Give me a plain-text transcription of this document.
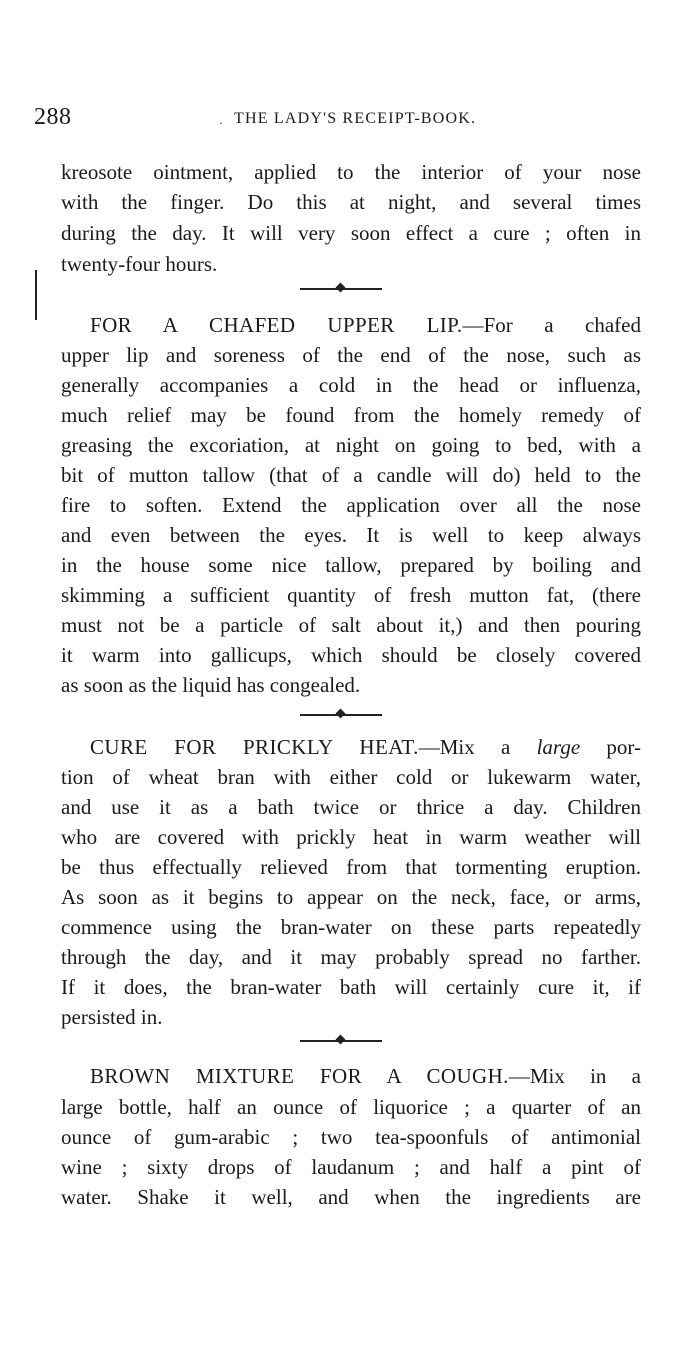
288	· THE LADY'S RECEIPT-BOOK.
kreosote ointment, applied to the interior of your nose
with the finger. Do this at night, and several times
during the day. It will very soon effect a cure ; often in
twenty-four hours.
FOR A CHAFED UPPER LIP.—For a chafed
upper lip and soreness of the end of the nose, such as
generally accompanies a cold in the head or influenza,
much relief may be found from the homely remedy of
greasing the excoriation, at night on going to bed, with a
bit of mutton tallow (that of a candle will do) held to the
fire to soften. Extend the application over all the nose
and even between the eyes. It is well to keep always
in the house some nice tallow, prepared by boiling and
skimming a sufficient quantity of fresh mutton fat, (there
must not be a particle of salt about it,) and then pouring
it warm into gallicups, which should be closely covered
as soon as the liquid has congealed.
CURE FOR PRICKLY HEAT.—Mix a large por-
tion of wheat bran with either cold or lukewarm water,
and use it as a bath twice or thrice a day. Children
who are covered with prickly heat in warm weather will
be thus effectually relieved from that tormenting eruption.
As soon as it begins to appear on the neck, face, or arms,
commence using the bran-water on these parts repeatedly
through the day, and it may probably spread no farther.
If it does, the bran-water bath will certainly cure it, if
persisted in.
BROWN MIXTURE FOR A COUGH.—Mix in a
large bottle, half an ounce of liquorice ; a quarter of an
ounce of gum-arabic ; two tea-spoonfuls of antimonial
wine ; sixty drops of laudanum ; and half a pint of
water. Shake it well, and when the ingredients are
